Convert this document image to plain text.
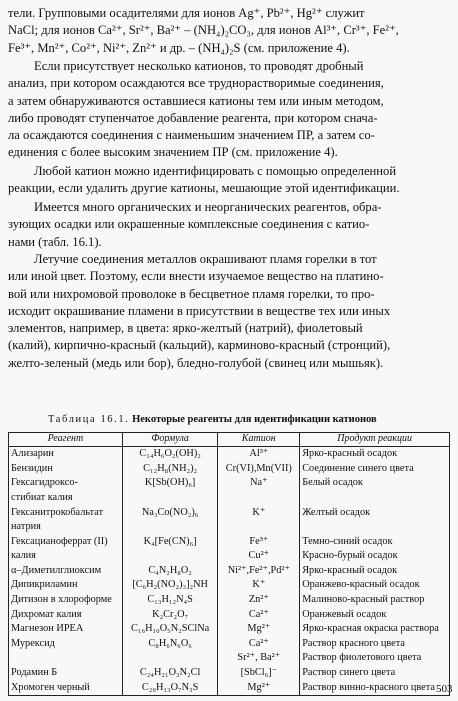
тели. Групповыми осадителями для ионов Ag⁺, Pb²⁺, Hg²⁺ служит
NaCl; для ионов Ca²⁺, Sr²⁺, Ba²⁺ – (NH₄)₂CO₃, для ионов Al³⁺, Cr³⁺, Fe²⁺,
Fe³⁺, Mn²⁺, Co²⁺, Ni²⁺, Zn²⁺ и др. – (NH₄)₂S (см. приложение 4).
Если присутствует несколько катионов, то проводят дробный
анализ, при котором осаждаются все труднорастворимые соединения,
а затем обнаруживаются оставшиеся катионы тем или иным методом,
либо проводят ступенчатое добавление реагента, при котором снача-
ла осаждаются соединения с наименьшим значением ПР, а затем со-
единения с более высоким значением ПР (см. приложение 4).
Любой катион можно идентифицировать с помощью определенной
реакции, если удалить другие катионы, мешающие этой идентификации.
Имеется много органических и неорганических реагентов, обра-
зующих осадки или окрашенные комплексные соединения с катио-
нами (табл. 16.1).
Летучие соединения металлов окрашивают пламя горелки в тот
или иной цвет. Поэтому, если внести изучаемое вещество на платино-
вой или нихромовой проволоке в бесцветное пламя горелки, то про-
исходит окрашивание пламени в присутствии в веществе тех или иных
элементов, например, в цвета: ярко-желтый (натрий), фиолетовый
(калий), кирпично-красный (кальций), карминово-красный (стронций),
желто-зеленый (медь или бор), бледно-голубой (свинец или мышьяк).
Таблица 16.1. Некоторые реагенты для идентификации катионов
Реагент	Формула	Катион	Продукт реакции
Ализарин	C₁₄H₆O₂(OH)₂	Al³⁺	Ярко-красный осадок
Бензидин	C₁₂H₈(NH₂)₂	Cr(VI),Mn(VII)	Соединение синего цвета
Гексагидроксо-	K[Sb(OH)₆]	Na⁺	Белый осадок
стибиат калия			
Гексанитрокобальтат	Na₃Co(NO₂)₆	K⁺	Желтый осадок
натрия			
Гексацианоферрат (II)	K₄[Fe(CN)₆]	Fe³⁺	Темно-синий осадок
калия		Cu²⁺	Красно-бурый осадок
α–Диметилглиоксим	C₄N₂H₈O₂	Ni²⁺,Fe²⁺,Pd²⁺	Ярко-красный осадок
Дипикриламин	[C₆H₂(NO₂)₃]₂NH	K⁺	Оранжево-красный осадок
Дитизон в хлороформе	C₁₃H₁₂N₄S	Zn²⁺	Малиново-красный раствор
Дихромат калия	K₂Cr₂O₇	Ca²⁺	Оранжевый осадок
Магнезон ИРЕА	C₁₆H₁₀O₅N₂SClNa	Mg²⁺	Ярко-красная окраска раствора
Мурексид	C₈H₆N₆O₆	Ca²⁺	Раствор красного цвета
		Sr²⁺, Ba²⁺	Раствор фиолетового цвета
Родамин Б	C₂₄H₂₁O₃N₂Cl	[SbCl₆]⁻	Раствор синего цвета
Хромоген черный	C₂₀H₁₃O₇N₃S	Mg²⁺	Раствор винно-красного цвета 503
